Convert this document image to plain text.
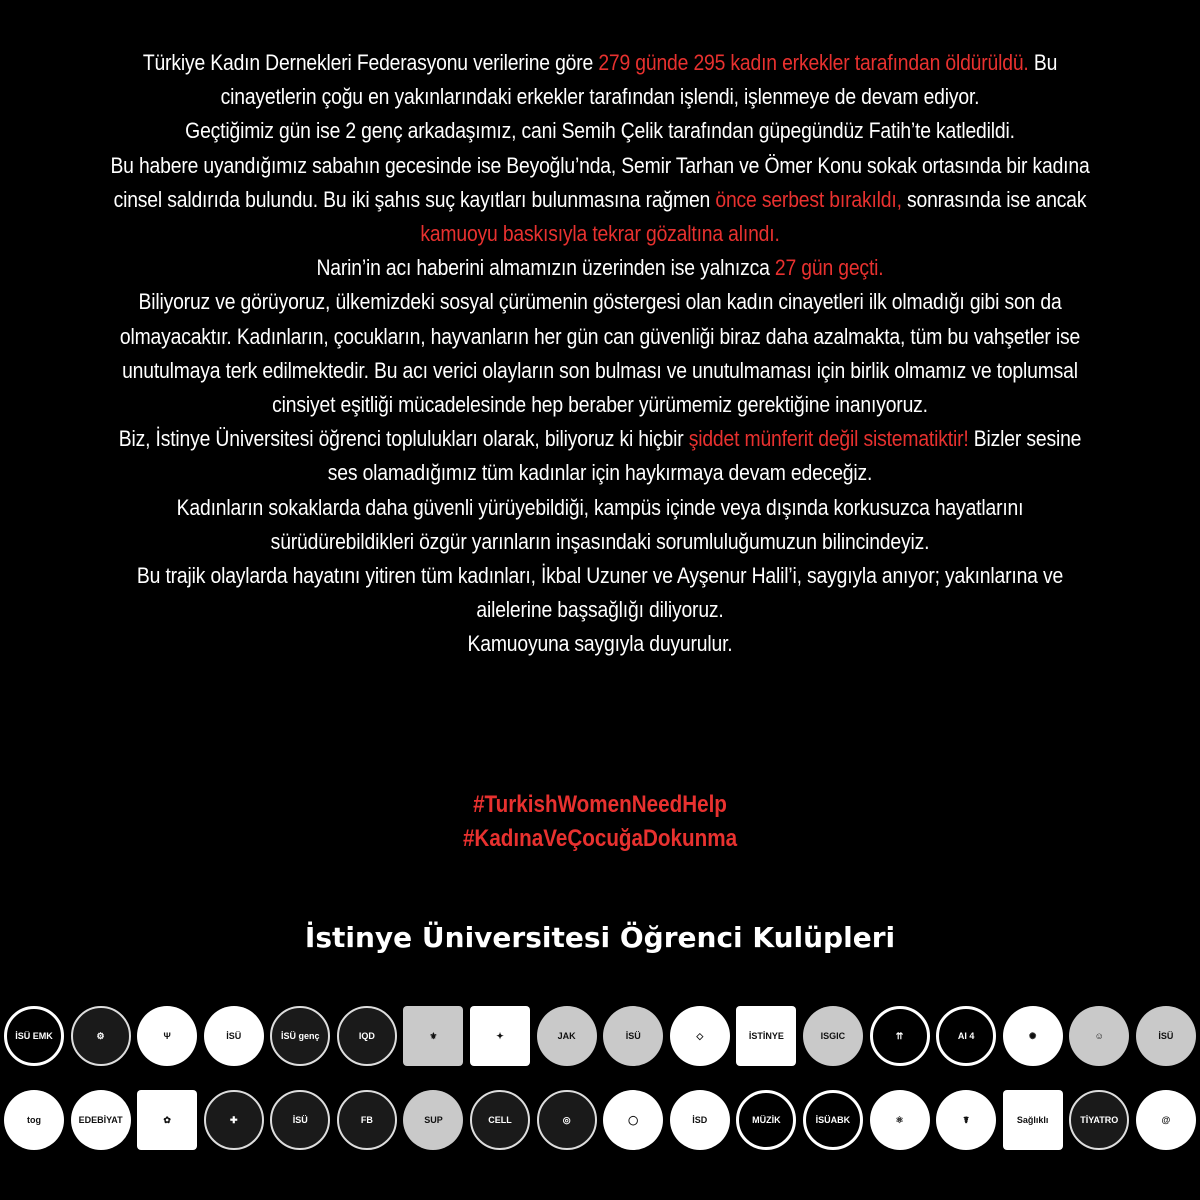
Türkiye Kadın Dernekleri Federasyonu verilerine göre 279 günde 295 kadın erkekler tarafından öldürüldü. Bu cinayetlerin çoğu en yakınlarındaki erkekler tarafından işlendi, işlenmeye de devam ediyor.
Geçtiğimiz gün ise 2 genç arkadaşımız, cani Semih Çelik tarafından güpegündüz Fatih’te katledildi.
Bu habere uyandığımız sabahın gecesinde ise Beyoğlu’nda, Semir Tarhan ve Ömer Konu sokak ortasında bir kadına cinsel saldırıda bulundu. Bu iki şahıs suç kayıtları bulunmasına rağmen önce serbest bırakıldı, sonrasında ise ancak kamuoyu baskısıyla tekrar gözaltına alındı.
Narin’in acı haberini almamızın üzerinden ise yalnızca 27 gün geçti.
Biliyoruz ve görüyoruz, ülkemizdeki sosyal çürümenin göstergesi olan kadın cinayetleri ilk olmadığı gibi son da olmayacaktır. Kadınların, çocukların, hayvanların her gün can güvenliği biraz daha azalmakta, tüm bu vahşetler ise unutulmaya terk edilmektedir. Bu acı verici olayların son bulması ve unutulmaması için birlik olmamız ve toplumsal cinsiyet eşitliği mücadelesinde hep beraber yürümemiz gerektiğine inanıyoruz.
Biz, İstinye Üniversitesi öğrenci toplulukları olarak, biliyoruz ki hiçbir şiddet münferit değil sistematiktir! Bizler sesine ses olamadığımız tüm kadınlar için haykırmaya devam edeceğiz.
Kadınların sokaklarda daha güvenli yürüyebildiği, kampüs içinde veya dışında korkusuzca hayatlarını sürüdürebildikleri özgür yarınların inşasındaki sorumluluğumuzun bilincindeyiz.
Bu trajik olaylarda hayatını yitiren tüm kadınları, İkbal Uzuner ve Ayşenur Halil’i, saygıyla anıyor; yakınlarına ve ailelerine başsağlığı diliyoruz.
Kamuoyuna saygıyla duyurulur.
#TurkishWomenNeedHelp
#KadınaVeÇocuğaDokunma
İstinye Üniversitesi Öğrenci Kulüpleri
İSÜ EMK	⚙	Ψ	İSÜ	İSÜ genç	IQD	⚜	✦	JAK	İSÜ	◇	İSTİNYE	ISGIC	⇈	AI 4	✺	☺	İSÜ
tog	EDEBİYAT	✿	✚	İSÜ	FB	SUP	CELL	◎	◯	İSD	MÜZİK	İSÜABK	⚛	☤	Sağlıklı	TİYATRO	@
